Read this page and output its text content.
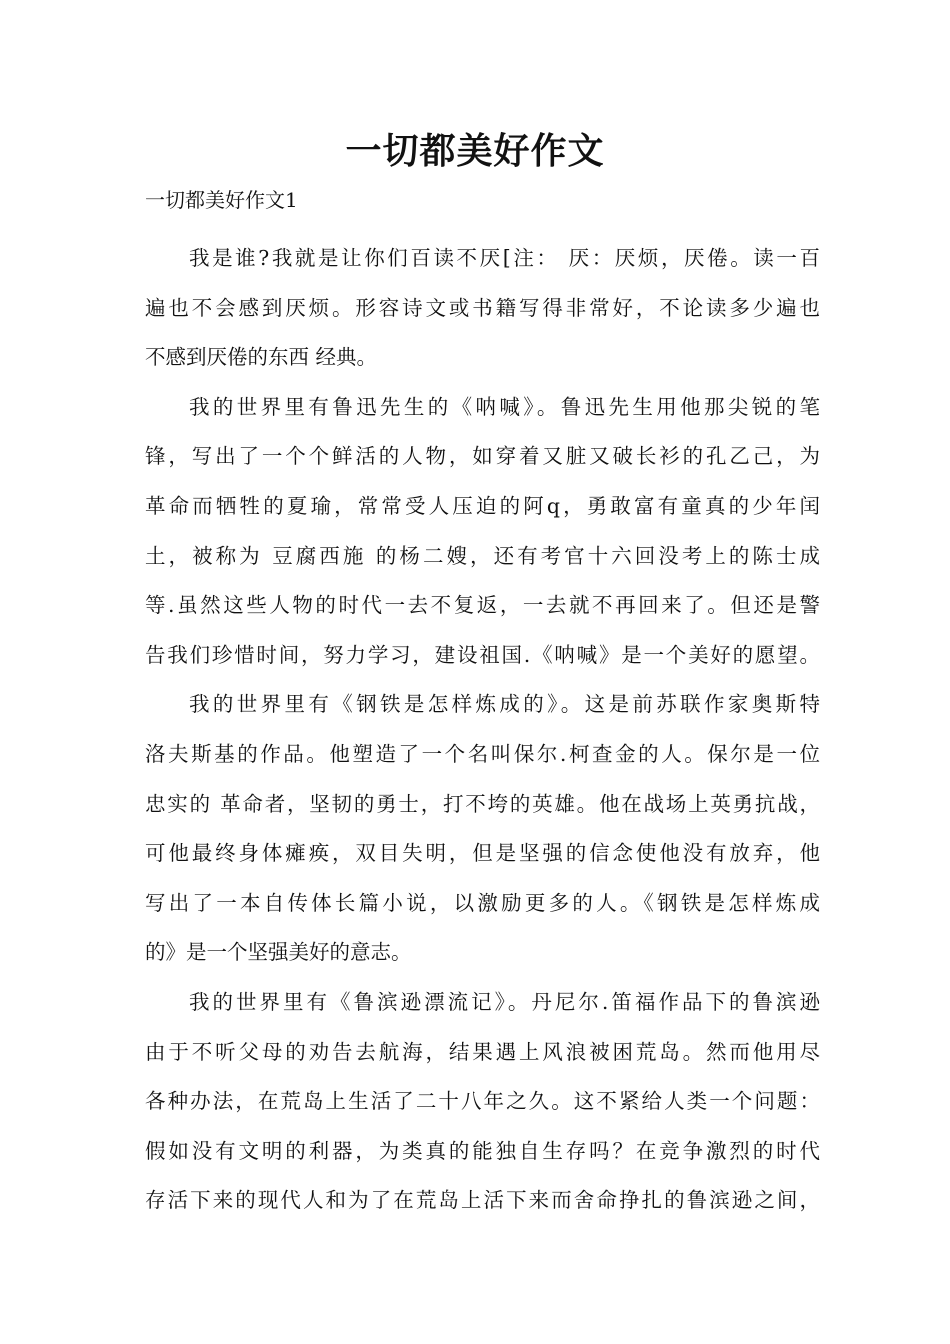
一切都美好作文
一切都美好作文1
我是谁?我就是让你们百读不厌[注： 厌：厌烦，厌倦。读一百
遍也不会感到厌烦。形容诗文或书籍写得非常好，不论读多少遍也
不感到厌倦的东西 经典。
我的世界里有鲁迅先生的《呐喊》。鲁迅先生用他那尖锐的笔
锋，写出了一个个鲜活的人物，如穿着又脏又破长衫的孔乙己，为
革命而牺牲的夏瑜，常常受人压迫的阿q，勇敢富有童真的少年闰
土，被称为 豆腐西施 的杨二嫂，还有考官十六回没考上的陈士成
等.虽然这些人物的时代一去不复返，一去就不再回来了。但还是警
告我们珍惜时间，努力学习，建设祖国.《呐喊》是一个美好的愿望。
我的世界里有《钢铁是怎样炼成的》。这是前苏联作家奥斯特
洛夫斯基的作品。他塑造了一个名叫保尔.柯查金的人。保尔是一位
忠实的 革命者，坚韧的勇士，打不垮的英雄。他在战场上英勇抗战，
可他最终身体瘫痪，双目失明，但是坚强的信念使他没有放弃，他
写出了一本自传体长篇小说，以激励更多的人。《钢铁是怎样炼成
的》是一个坚强美好的意志。
我的世界里有《鲁滨逊漂流记》。丹尼尔.笛福作品下的鲁滨逊
由于不听父母的劝告去航海，结果遇上风浪被困荒岛。然而他用尽
各种办法，在荒岛上生活了二十八年之久。这不紧给人类一个问题：
假如没有文明的利器，为类真的能独自生存吗？在竞争激烈的时代
存活下来的现代人和为了在荒岛上活下来而舍命挣扎的鲁滨逊之间，
